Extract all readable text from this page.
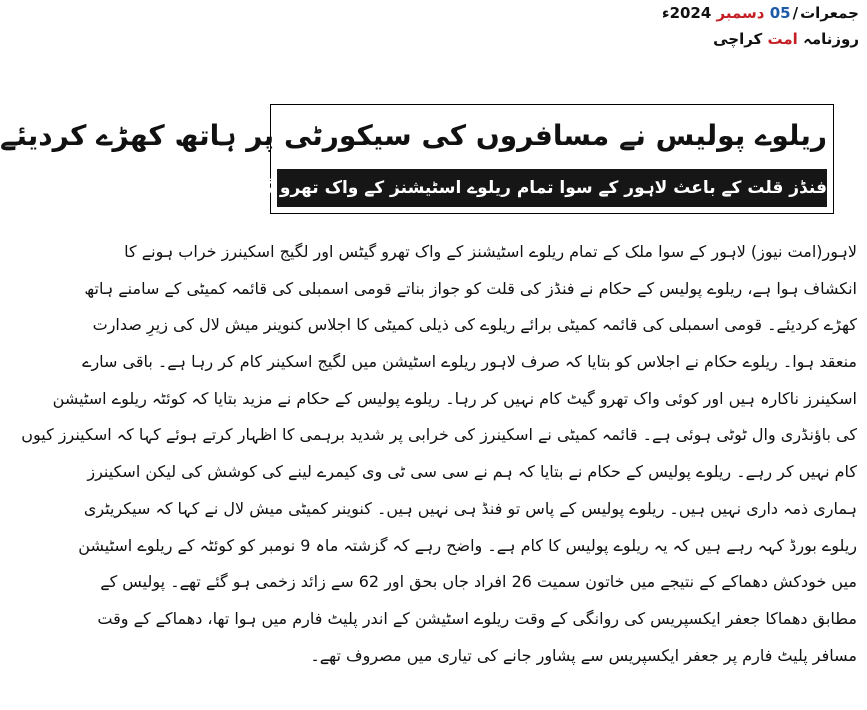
جمعرات/05 دسمبر 2024ء
روزنامہ امت کراچی
ریلوے پولیس نے مسافروں کی سیکورٹی پر ہاتھ کھڑے کردیئے
فنڈز قلت کے باعث لاہور کے سوا تمام ریلوے اسٹیشنز کے واک تھرو گیٹس-کارگو اسکینرز خراب
لاہور(امت نیوز) لاہور کے سوا ملک کے تمام ریلوے اسٹیشنز کے واک تھرو گیٹس اور لگیج اسکینرز خراب ہونے کا
انکشاف ہوا ہے، ریلوے پولیس کے حکام نے فنڈز کی قلت کو جواز بناتے قومی اسمبلی کی قائمہ کمیٹی کے سامنے ہاتھ
کھڑے کردیئے۔ قومی اسمبلی کی قائمہ کمیٹی برائے ریلوے کی ذیلی کمیٹی کا اجلاس کنوینر میش لال کی زیرِ صدارت
منعقد ہوا۔ ریلوے حکام نے اجلاس کو بتایا کہ صرف لاہور ریلوے اسٹیشن میں لگیج اسکینر کام کر رہا ہے۔ باقی سارے
اسکینرز ناکارہ ہیں اور کوئی واک تھرو گیٹ کام نہیں کر رہا۔ ریلوے پولیس کے حکام نے مزید بتایا کہ کوئٹہ ریلوے اسٹیشن
کی باؤنڈری وال ٹوٹی ہوئی ہے۔ قائمہ کمیٹی نے اسکینرز کی خرابی پر شدید برہمی کا اظہار کرتے ہوئے کہا کہ اسکینرز کیوں
کام نہیں کر رہے۔ ریلوے پولیس کے حکام نے بتایا کہ ہم نے سی سی ٹی وی کیمرے لینے کی کوشش کی لیکن اسکینرز
ہماری ذمہ داری نہیں ہیں۔ ریلوے پولیس کے پاس تو فنڈ ہی نہیں ہیں۔ کنوینر کمیٹی میش لال نے کہا کہ سیکریٹری
ریلوے بورڈ کہہ رہے ہیں کہ یہ ریلوے پولیس کا کام ہے۔ واضح رہے کہ گزشتہ ماہ 9 نومبر کو کوئٹہ کے ریلوے اسٹیشن
میں خودکش دھماکے کے نتیجے میں خاتون سمیت 26 افراد جاں بحق اور 62 سے زائد زخمی ہو گئے تھے۔ پولیس کے
مطابق دھماکا جعفر ایکسپریس کی روانگی کے وقت ریلوے اسٹیشن کے اندر پلیٹ فارم میں ہوا تھا، دھماکے کے وقت
مسافر پلیٹ فارم پر جعفر ایکسپریس سے پشاور جانے کی تیاری میں مصروف تھے۔
